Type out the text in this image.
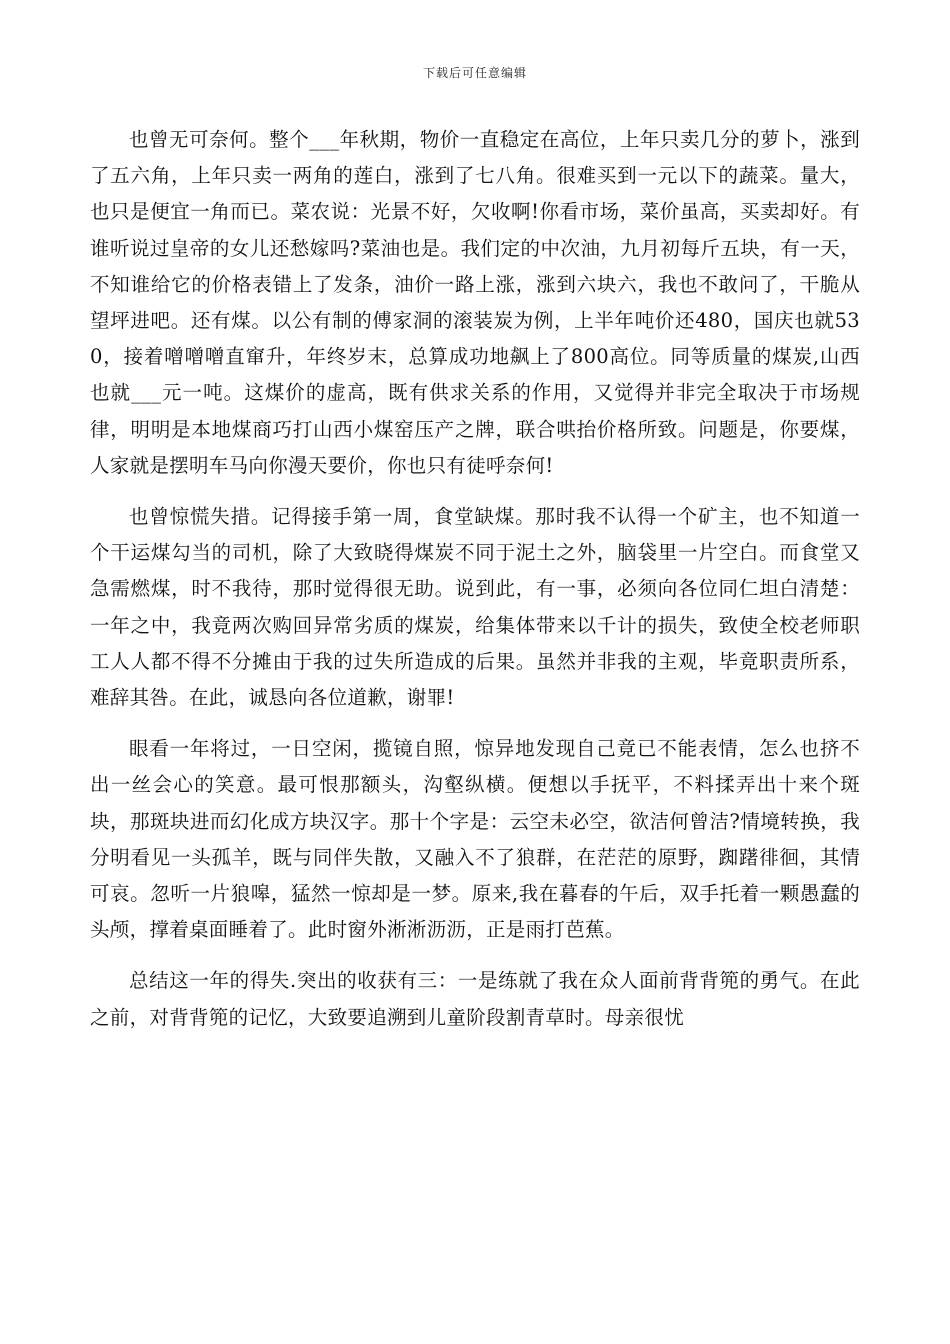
下载后可任意编辑

也曾无可奈何。整个___年秋期，物价一直稳定在高位，上年只卖几分的萝卜，涨到了五六角，上年只卖一两角的莲白，涨到了七八角。很难买到一元以下的蔬菜。量大，也只是便宜一角而已。菜农说：光景不好，欠收啊!你看市场，菜价虽高，买卖却好。有谁听说过皇帝的女儿还愁嫁吗?菜油也是。我们定的中次油，九月初每斤五块，有一天，不知谁给它的价格表错上了发条，油价一路上涨，涨到六块六，我也不敢问了，干脆从望坪进吧。还有煤。以公有制的傅家洞的滚装炭为例，上半年吨价还480，国庆也就530，接着噌噌噌直窜升，年终岁末，总算成功地飙上了800高位。同等质量的煤炭,山西也就___元一吨。这煤价的虚高，既有供求关系的作用，又觉得并非完全取决于市场规律，明明是本地煤商巧打山西小煤窑压产之牌，联合哄抬价格所致。问题是，你要煤，人家就是摆明车马向你漫天要价，你也只有徒呼奈何!

也曾惊慌失措。记得接手第一周，食堂缺煤。那时我不认得一个矿主，也不知道一个干运煤勾当的司机，除了大致晓得煤炭不同于泥土之外，脑袋里一片空白。而食堂又急需燃煤，时不我待，那时觉得很无助。说到此，有一事，必须向各位同仁坦白清楚：一年之中，我竟两次购回异常劣质的煤炭，给集体带来以千计的损失，致使全校老师职工人人都不得不分摊由于我的过失所造成的后果。虽然并非我的主观，毕竟职责所系，难辞其咎。在此，诚恳向各位道歉，谢罪!

眼看一年将过，一日空闲，揽镜自照，惊异地发现自己竟已不能表情，怎么也挤不出一丝会心的笑意。最可恨那额头，沟壑纵横。便想以手抚平，不料揉弄出十来个斑块，那斑块进而幻化成方块汉字。那十个字是：云空未必空，欲洁何曾洁?情境转换，我分明看见一头孤羊，既与同伴失散，又融入不了狼群，在茫茫的原野，踟躇徘徊，其情可哀。忽听一片狼嗥，猛然一惊却是一梦。原来,我在暮春的午后，双手托着一颗愚蠢的头颅，撑着桌面睡着了。此时窗外淅淅沥沥，正是雨打芭蕉。

总结这一年的得失.突出的收获有三：一是练就了我在众人面前背背篼的勇气。在此之前，对背背篼的记忆，大致要追溯到儿童阶段割青草时。母亲很忧
